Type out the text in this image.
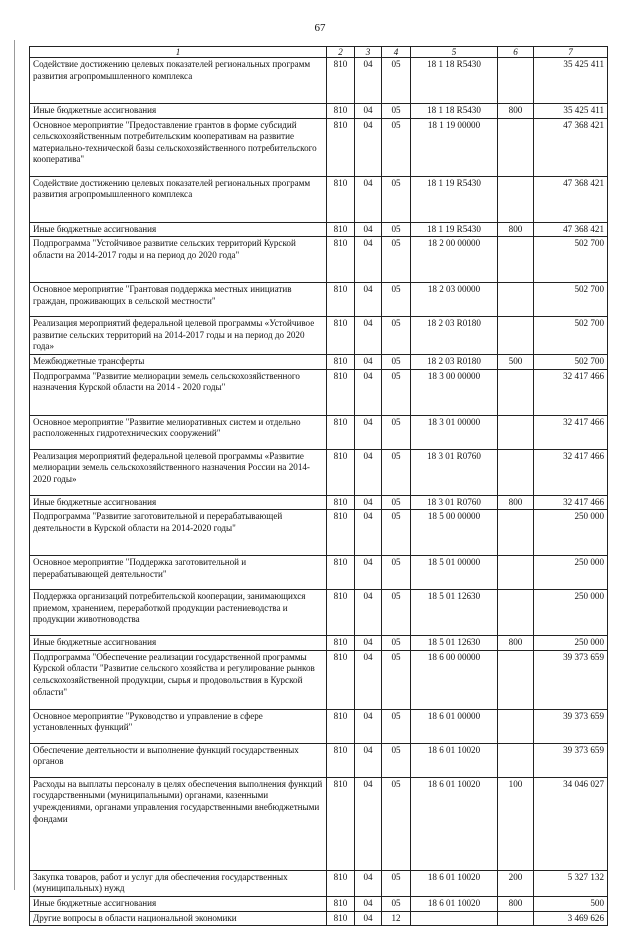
67
1	2	3	4	5	6	7
Содействие достижению целевых показателей региональных программ развития агропромышленного комплекса	810	04	05	18 1 18 R5430		35 425 411
Иные бюджетные ассигнования	810	04	05	18 1 18 R5430	800	35 425 411
Основное мероприятие "Предоставление грантов в форме субсидий сельскохозяйственным потребительским кооперативам на развитие материально-технической базы сельскохозяйственного потребительского кооператива"	810	04	05	18 1 19 00000		47 368 421
Содействие достижению целевых показателей региональных программ развития агропромышленного комплекса	810	04	05	18 1 19 R5430		47 368 421
Иные бюджетные ассигнования	810	04	05	18 1 19 R5430	800	47 368 421
Подпрограмма "Устойчивое развитие сельских территорий Курской области на 2014-2017 годы и на период до 2020 года"	810	04	05	18 2 00 00000		502 700
Основное мероприятие "Грантовая поддержка местных инициатив граждан, проживающих в сельской местности"	810	04	05	18 2 03 00000		502 700
Реализация мероприятий федеральной целевой программы «Устойчивое развитие сельских территорий на 2014-2017 годы и на период до 2020 года»	810	04	05	18 2 03 R0180		502 700
Межбюджетные трансферты	810	04	05	18 2 03 R0180	500	502 700
Подпрограмма "Развитие мелиорации земель сельскохозяйственного назначения Курской области на 2014 - 2020 годы"	810	04	05	18 3 00 00000		32 417 466
Основное мероприятие "Развитие мелиоративных систем и отдельно расположенных гидротехнических сооружений"	810	04	05	18 3 01 00000		32 417 466
Реализация мероприятий федеральной целевой программы «Развитие мелиорации земель сельскохозяйственного назначения России на 2014-2020 годы»	810	04	05	18 3 01 R0760		32 417 466
Иные бюджетные ассигнования	810	04	05	18 3 01 R0760	800	32 417 466
Подпрограмма "Развитие заготовительной и перерабатывающей деятельности в Курской области на 2014-2020 годы"	810	04	05	18 5 00 00000		250 000
Основное мероприятие "Поддержка заготовительной и перерабатывающей деятельности"	810	04	05	18 5 01 00000		250 000
Поддержка организаций потребительской кооперации, занимающихся приемом, хранением, переработкой продукции растениеводства и продукции животноводства	810	04	05	18 5 01 12630		250 000
Иные бюджетные ассигнования	810	04	05	18 5 01 12630	800	250 000
Подпрограмма "Обеспечение реализации государственной программы Курской области "Развитие сельского хозяйства и регулирование рынков сельскохозяйственной продукции, сырья и продовольствия в Курской области"	810	04	05	18 6 00 00000		39 373 659
Основное мероприятие "Руководство и управление в сфере установленных функций"	810	04	05	18 6 01 00000		39 373 659
Обеспечение деятельности и выполнение функций государственных органов	810	04	05	18 6 01 10020		39 373 659
Расходы на выплаты персоналу в целях обеспечения выполнения функций государственными (муниципальными) органами, казенными учреждениями, органами управления государственными внебюджетными фондами	810	04	05	18 6 01 10020	100	34 046 027
Закупка товаров, работ и услуг для обеспечения государственных (муниципальных) нужд	810	04	05	18 6 01 10020	200	5 327 132
Иные бюджетные ассигнования	810	04	05	18 6 01 10020	800	500
Другие вопросы в области национальной экономики	810	04	12			3 469 626
